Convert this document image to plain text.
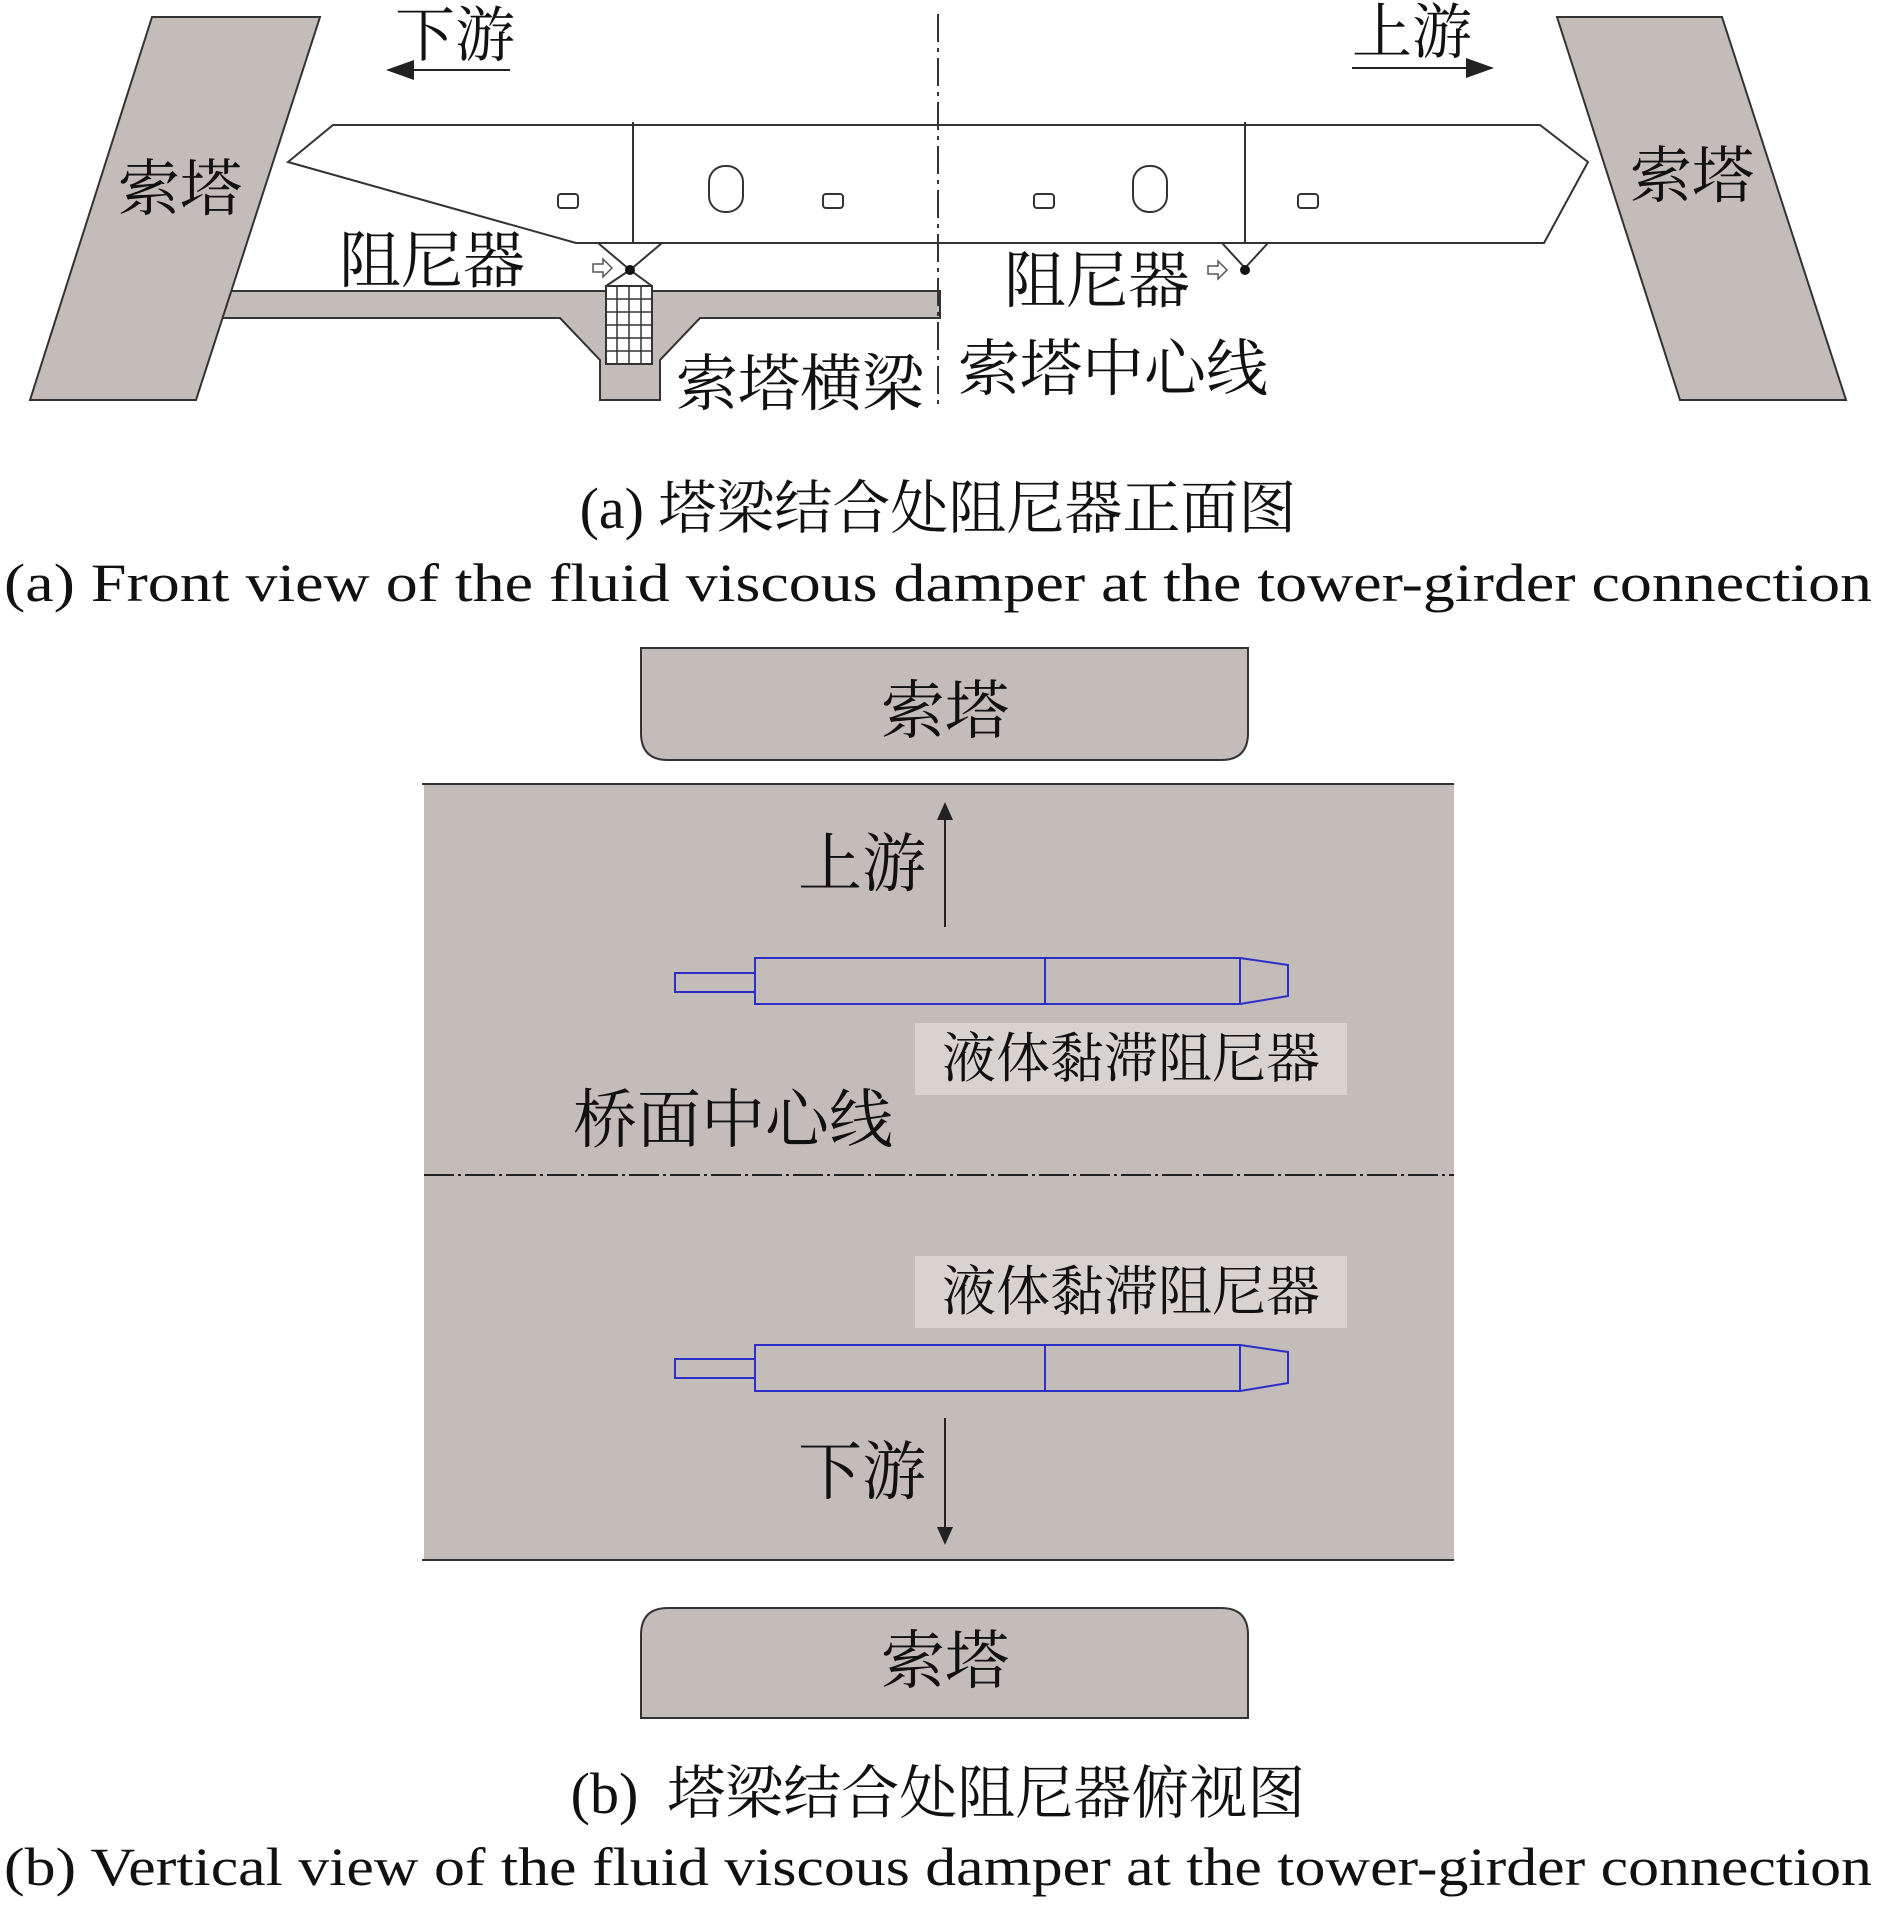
索塔	索塔
下游	上游
阻尼器	阻尼器
索塔横梁 索塔中心线
(a) 塔梁结合处阻尼器正面图
(a) Front view of the fluid viscous damper at the tower-girder connection
索塔
桥面中心线
上游
下游
液体黏滞阻尼器
液体黏滞阻尼器
索塔
(b)  塔梁结合处阻尼器俯视图
(b) Vertical view of the fluid viscous damper at the tower-girder connection
